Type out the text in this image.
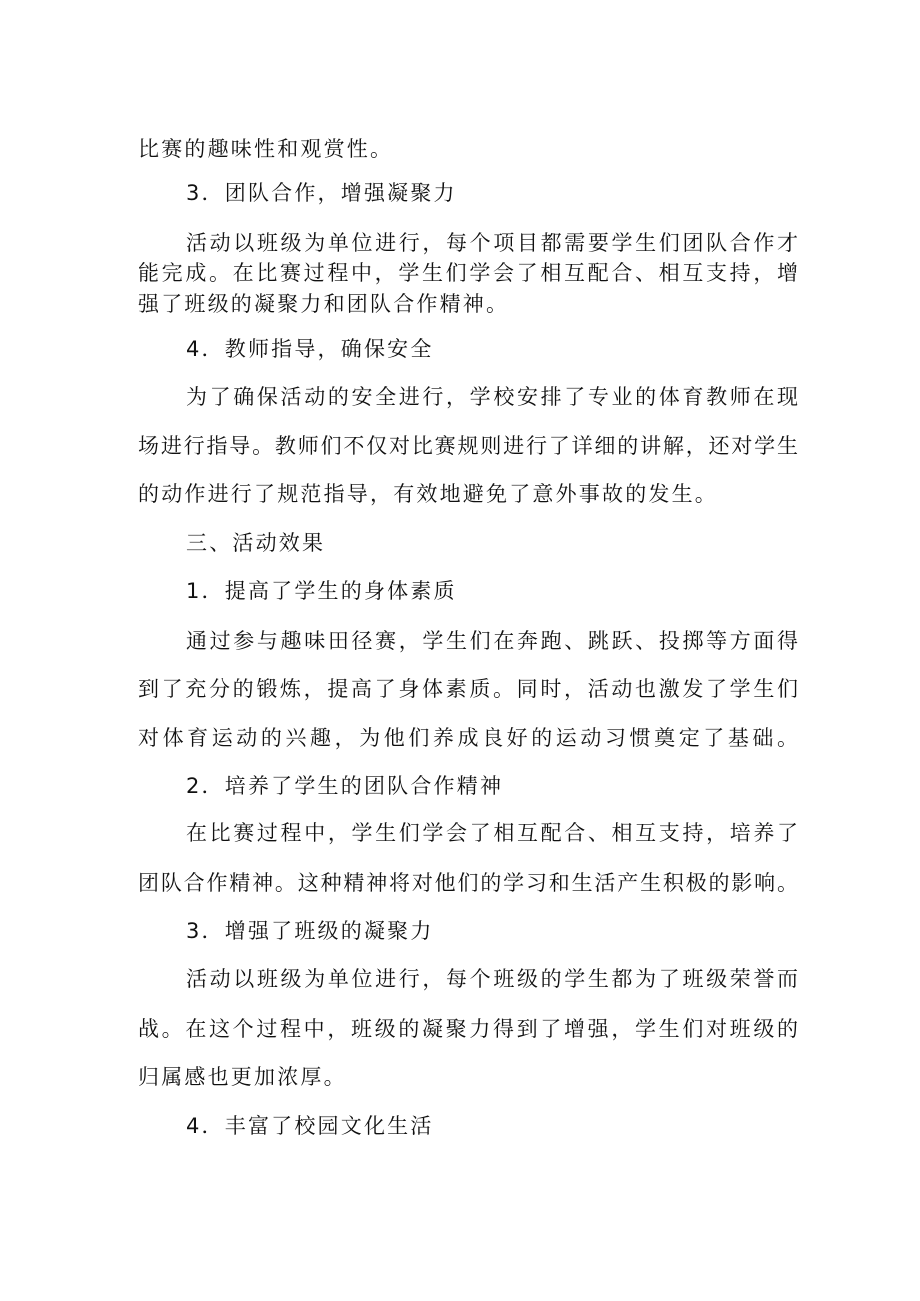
比赛的趣味性和观赏性。
3．团队合作，增强凝聚力
活动以班级为单位进行，每个项目都需要学生们团队合作才
能完成。在比赛过程中，学生们学会了相互配合、相互支持，增
强了班级的凝聚力和团队合作精神。
4．教师指导，确保安全
为了确保活动的安全进行，学校安排了专业的体育教师在现
场进行指导。教师们不仅对比赛规则进行了详细的讲解，还对学生
的动作进行了规范指导，有效地避免了意外事故的发生。
三、活动效果
1．提高了学生的身体素质
通过参与趣味田径赛，学生们在奔跑、跳跃、投掷等方面得
到了充分的锻炼，提高了身体素质。同时，活动也激发了学生们
对体育运动的兴趣，为他们养成良好的运动习惯奠定了基础。
2．培养了学生的团队合作精神
在比赛过程中，学生们学会了相互配合、相互支持，培养了
团队合作精神。这种精神将对他们的学习和生活产生积极的影响。
3．增强了班级的凝聚力
活动以班级为单位进行，每个班级的学生都为了班级荣誉而
战。在这个过程中，班级的凝聚力得到了增强，学生们对班级的
归属感也更加浓厚。
4．丰富了校园文化生活
